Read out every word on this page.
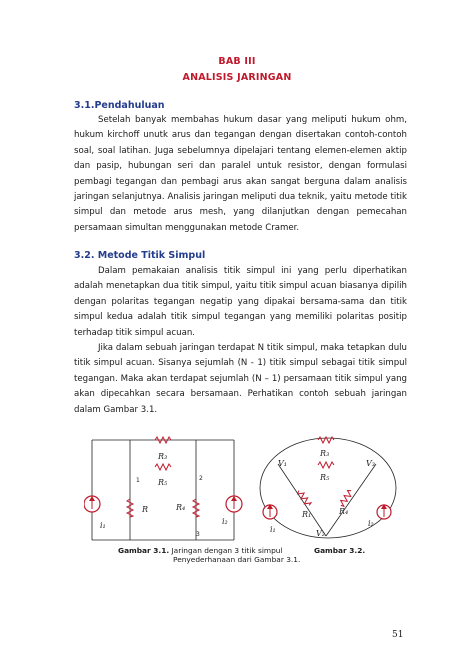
BAB III
ANALISIS JARINGAN
3.1.Pendahuluan

Setelah banyak membahas hukum dasar yang meliputi hukum ohm, hukum kirchoff unutk arus dan tegangan dengan disertakan contoh-contoh soal, soal latihan. Juga sebelumnya dipelajari tentang elemen-elemen aktip dan pasip, hubungan seri dan paralel untuk resistor, dengan formulasi pembagi tegangan dan pembagi arus akan sangat berguna dalam analisis jaringan selanjutnya. Analisis jaringan meliputi dua teknik, yaitu metode titik simpul dan metode arus mesh, yang dilanjutkan dengan pemecahan persamaan simultan menggunakan metode Cramer.

3.2. Metode Titik Simpul

Dalam pemakaian analisis titik simpul ini yang perlu diperhatikan adalah menetapkan dua titik simpul, yaitu titik simpul acuan biasanya dipilih dengan polaritas tegangan negatip yang dipakai bersama-sama dan titik simpul kedua adalah titik simpul tegangan yang memiliki polaritas positip terhadap titik simpul acuan.

Jika dalam sebuah jaringan terdapat N titik simpul, maka tetapkan dulu titik simpul acuan. Sisanya sejumlah (N - 1) titik simpul sebagai titik simpul tegangan. Maka akan terdapat sejumlah (N – 1) persamaan titik simpul yang akan dipecahkan secara bersamaan. Perhatikan contoh sebuah jaringan dalam Gambar 3.1.

R₃
R₅
R	R₄
i₁	i₂
1	2
3
R₃
R₅
R₁	R₄
V₁	V₃
V₂
i₁
i₂
Gambar 3.1. Jaringan dengan 3 titik simpul	Gambar 3.2.
Penyederhanaan dari Gambar 3.1.
51
